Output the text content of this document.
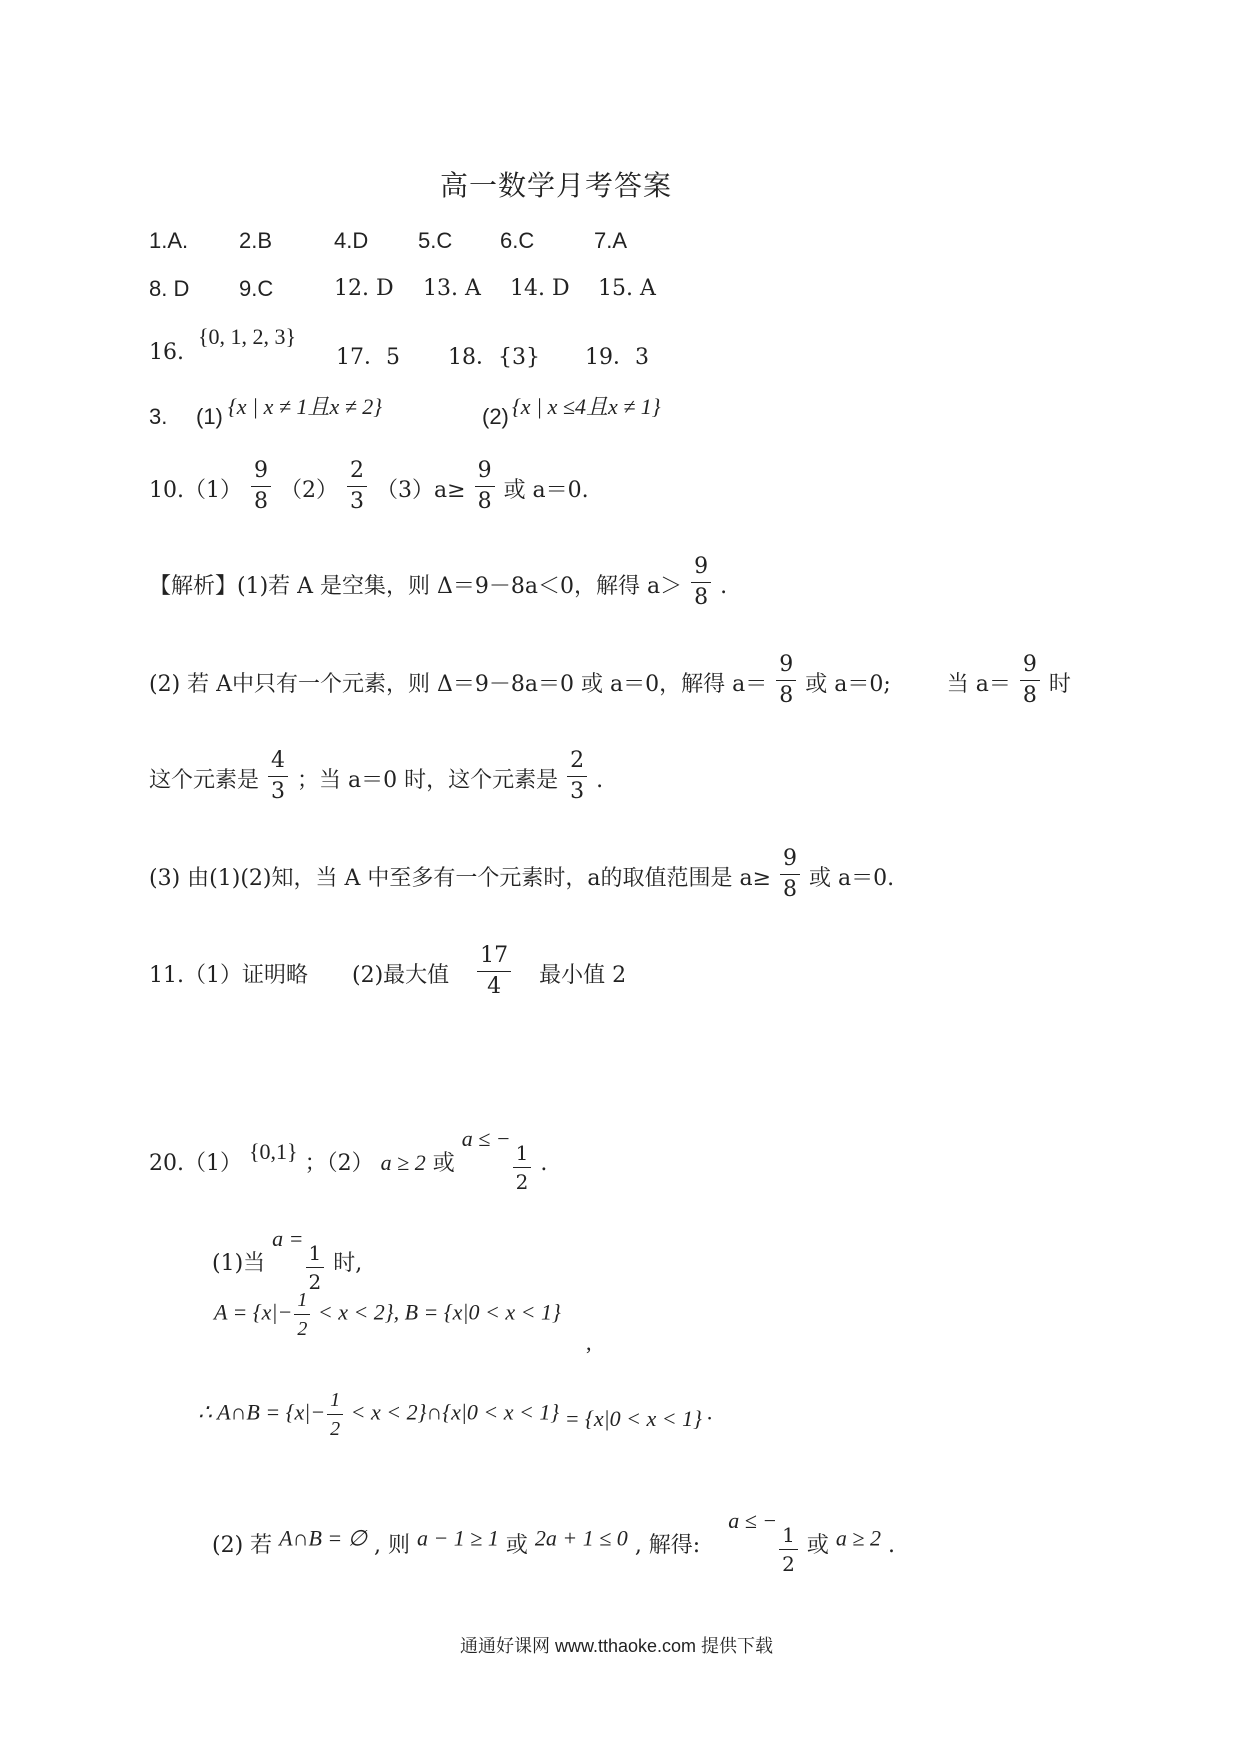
高一数学月考答案
1.A. 2.B	4.D 5.C 6.C	7.A
8. D 9.C	12. D 13. A 14. D 15. A
16.
{0, 1, 2, 3}
17．5 18．{3} 19．3
3. (1) {x | x ≠ 1且x ≠ 2}	(2) {x | x ≤4且x ≠ 1}
$10.(1) \frac{9}{8} (2) \frac{2}{3} (3)a\ge \frac{9}{8}$ 或 a＝0.
【解析】(1)若 A 是空集，则 Δ＝9－8a＜0，解得 $a> \frac{9}{8}$ .
(2) 若 A中只有一个元素，则 Δ＝9－8a＝0 或 a＝0，解得 $a= \frac{9}{8}$ 或 a＝0;	当 $a= \frac{9}{8}$ 时
这个元素是 $\frac{4}{3}$ ；当 a＝0 时，这个元素是 $\frac{2}{3}$ .
(3) 由(1)(2)知，当 A 中至多有一个元素时，a的取值范围是 $a\ge \frac{9}{8}$ 或 a＝0.
11.（1）证明略 (2)最大值 $\frac{17}{4}$ 最小值 2
20.（1） {0,1} ；（2） a ≥ 2 或 a ≤ −
$\frac{1}{2}$ .
(1)当 a =
$\frac{1}{2}$ 时,
$A = \{x|- \frac{1}{2} < x < 2\}$, B = {x|0 < x < 1}
,
∴ A∩B = {$x|- \frac{1}{2} < x$ < 2}∩{x|0 < x < 1} = {x|0 < x < 1} .
(2) 若 A∩B = ∅ , 则 a − 1 ≥ 1 或 2a + 1 ≤ 0 , 解得:  a ≤ −
$\frac{1}{2}$ 或 a ≥ 2 .
通通好课网 www.tthaoke.com 提供下载
